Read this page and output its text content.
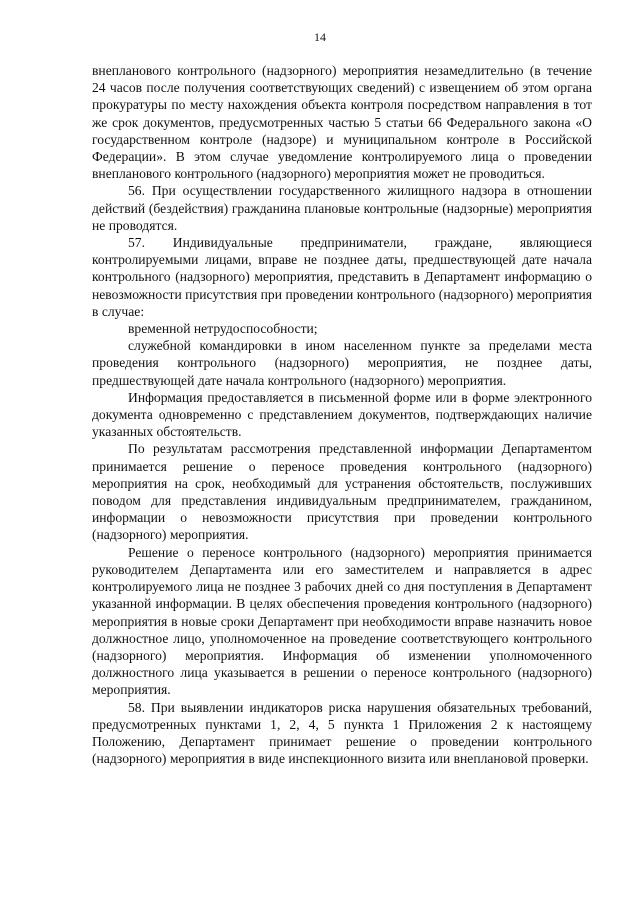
14

внепланового контрольного (надзорного) мероприятия незамедлительно (в течение 24 часов после получения соответствующих сведений) с извещением об этом органа прокуратуры по месту нахождения объекта контроля посредством направления в тот же срок документов, предусмотренных частью 5 статьи 66 Федерального закона «О государственном контроле (надзоре) и муниципальном контроле в Российской Федерации». В этом случае уведомление контролируемого лица о проведении внепланового контрольного (надзорного) мероприятия может не проводиться.

56. При осуществлении государственного жилищного надзора в отношении действий (бездействия) гражданина плановые контрольные (надзорные) мероприятия не проводятся.

57. Индивидуальные предприниматели, граждане, являющиеся контролируемыми лицами, вправе не позднее даты, предшествующей дате начала контрольного (надзорного) мероприятия, представить в Департамент информацию о невозможности присутствия при проведении контрольного (надзорного) мероприятия в случае:

временной нетрудоспособности;

служебной командировки в ином населенном пункте за пределами места проведения контрольного (надзорного) мероприятия, не позднее даты, предшествующей дате начала контрольного (надзорного) мероприятия.

Информация предоставляется в письменной форме или в форме электронного документа одновременно с представлением документов, подтверждающих наличие указанных обстоятельств.

По результатам рассмотрения представленной информации Департаментом принимается решение о переносе проведения контрольного (надзорного) мероприятия на срок, необходимый для устранения обстоятельств, послуживших поводом для представления индивидуальным предпринимателем, гражданином, информации о невозможности присутствия при проведении контрольного (надзорного) мероприятия.

Решение о переносе контрольного (надзорного) мероприятия принимается руководителем Департамента или его заместителем и направляется в адрес контролируемого лица не позднее 3 рабочих дней со дня поступления в Департамент указанной информации. В целях обеспечения проведения контрольного (надзорного) мероприятия в новые сроки Департамент при необходимости вправе назначить новое должностное лицо, уполномоченное на проведение соответствующего контрольного (надзорного) мероприятия. Информация об изменении уполномоченного должностного лица указывается в решении о переносе контрольного (надзорного) мероприятия.

58. При выявлении индикаторов риска нарушения обязательных требований, предусмотренных пунктами 1, 2, 4, 5 пункта 1 Приложения 2 к настоящему Положению, Департамент принимает решение о проведении контрольного (надзорного) мероприятия в виде инспекционного визита или внеплановой проверки.
